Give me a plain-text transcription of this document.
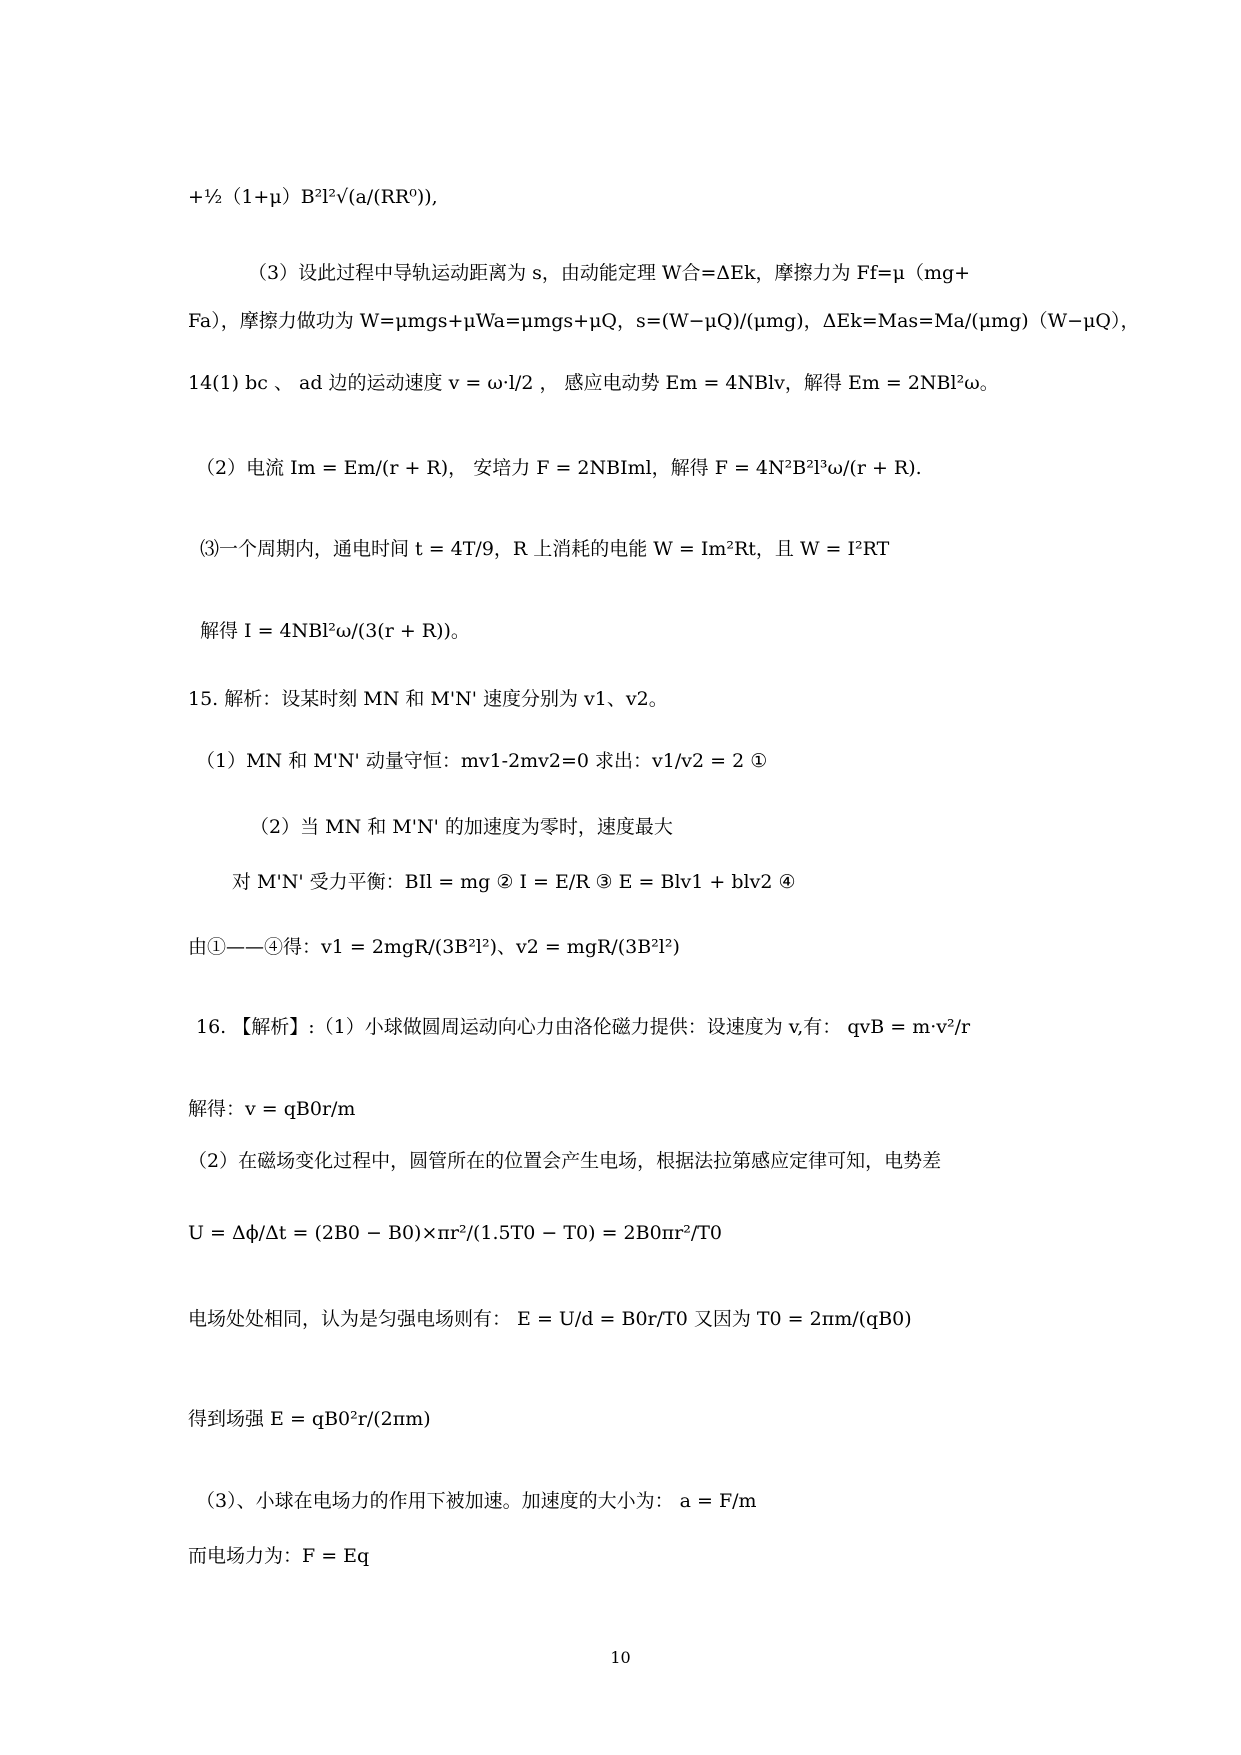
+½（1+μ）B²l²√(a/(RR⁰)),
（3）设此过程中导轨运动距离为 s，由动能定理 W合=ΔEk，摩擦力为 Ff=μ（mg+
Fa），摩擦力做功为 W=μmgs+μWa=μmgs+μQ，s=(W−μQ)/(μmg)，ΔEk=Mas=Ma/(μmg)（W−μQ），
14(1) bc 、 ad 边的运动速度 v = ω·l/2 ， 感应电动势 Em = 4NBlv，解得 Em = 2NBl²ω。
（2）电流 Im = Em/(r + R)， 安培力 F = 2NBIml，解得 F = 4N²B²l³ω/(r + R).
⑶一个周期内，通电时间 t = 4T/9，R 上消耗的电能 W = Im²Rt，且 W = I²RT
解得 I = 4NBl²ω/(3(r + R))。
15. 解析：设某时刻 MN 和 M'N' 速度分别为 v1、v2。
（1）MN 和 M'N' 动量守恒：mv1-2mv2=0 求出：v1/v2 = 2 ①
（2）当 MN 和 M'N' 的加速度为零时，速度最大
对 M'N' 受力平衡：BIl = mg ② I = E/R ③ E = Blv1 + blv2 ④
由①——④得：v1 = 2mgR/(3B²l²)、v2 = mgR/(3B²l²)
16. 【解析】:（1）小球做圆周运动向心力由洛伦磁力提供：设速度为 v,有： qvB = m·v²/r
解得：v = qB0r/m
（2）在磁场变化过程中，圆管所在的位置会产生电场，根据法拉第感应定律可知，电势差
U = Δϕ/Δt = (2B0 − B0)×πr²/(1.5T0 − T0) = 2B0πr²/T0
电场处处相同，认为是匀强电场则有： E = U/d = B0r/T0 又因为 T0 = 2πm/(qB0)
得到场强 E = qB0²r/(2πm)
（3）、小球在电场力的作用下被加速。加速度的大小为： a = F/m
而电场力为：F = Eq
10
